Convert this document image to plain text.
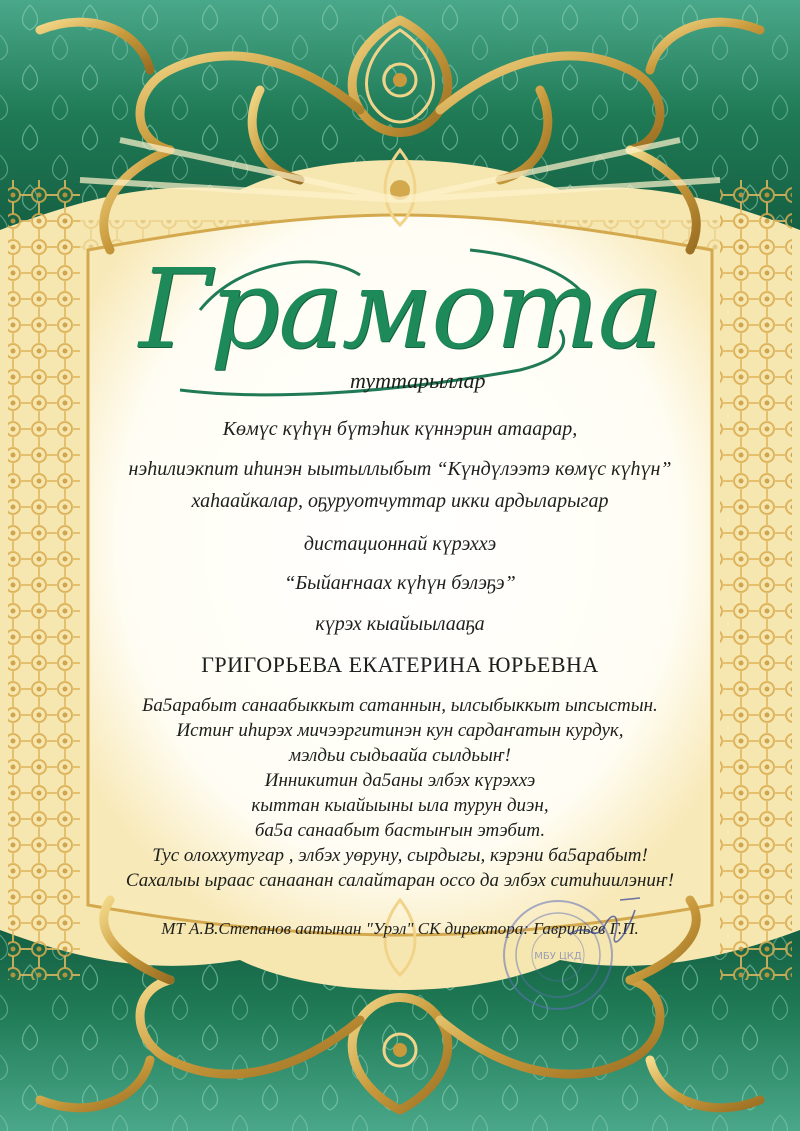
Грамота
туттарыллар
Көмүс күһүн бүтэһик күннэрин атаарар,
нэһилиэкпит иһинэн ыытыллыбыт “Күндүлээтэ көмүс күһүн”
хаһаайкалар, оҕуруотчуттар икки ардыларыгар
дистационнай күрэххэ
“Быйаҥнаах күһүн бэлэҕэ”
күрэх кыайыылааҕа
ГРИГОРЬЕВА ЕКАТЕРИНА ЮРЬЕВНА
Ба5арабыт санаабыккыт сатаннын, ылсыбыккыт ыпсыстын.
Истиҥ иһирэх мичээргитинэн кун сардаҥатын курдук,
мэлдьи сыдьаайа сылдьыҥ!
Инникитин да5аны элбэх күрэххэ
кыттан кыайыыны ыла турун диэн,
ба5а санаабыт бастыҥын этэбит.
Тус олоххутугар , элбэх уөруну, сырдыгы, кэрэни ба5арабыт!
Сахалыы ыраас санаанан салайтаран оссо да элбэх ситиһиилэниҥ!
МТ А.В.Степанов аатынан "Урэл" СК директора: Гаврильев Г.П.
МБУ ЦКД
